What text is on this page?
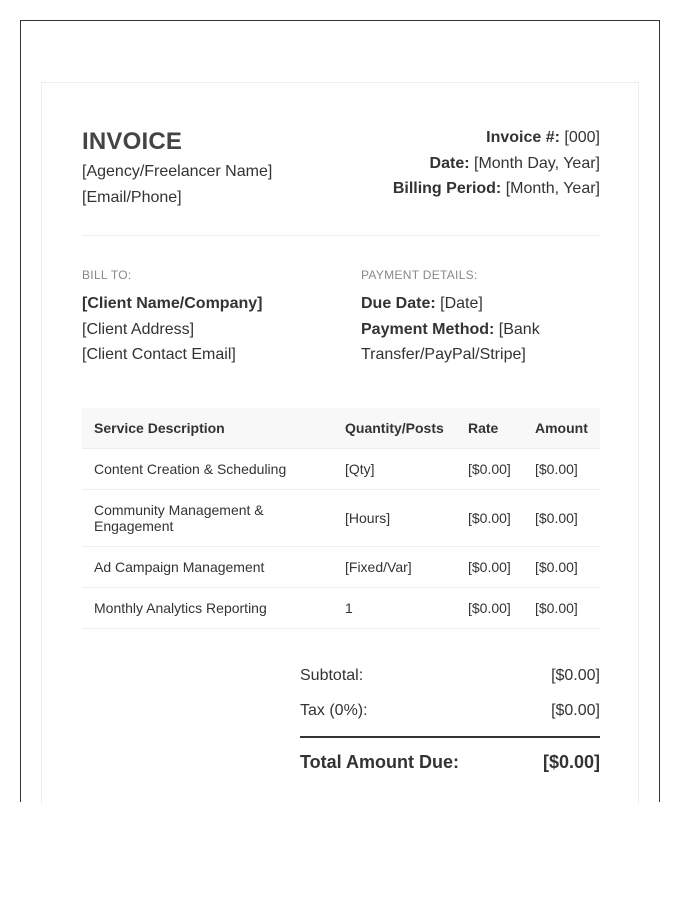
INVOICE
[Agency/Freelancer Name]
[Email/Phone]
Invoice #: [000]
Date: [Month Day, Year]
Billing Period: [Month, Year]
BILL TO:
[Client Name/Company]
[Client Address]
[Client Contact Email]
PAYMENT DETAILS:
Due Date: [Date]
Payment Method: [Bank Transfer/PayPal/Stripe]
Service Description	Quantity/Posts	Rate	Amount
Content Creation & Scheduling	[Qty]	[$0.00]	[$0.00]
Community Management & Engagement	[Hours]	[$0.00]	[$0.00]
Ad Campaign Management	[Fixed/Var]	[$0.00]	[$0.00]
Monthly Analytics Reporting	1	[$0.00]	[$0.00]
Subtotal:	[$0.00]
Tax (0%):	[$0.00]
Total Amount Due:	[$0.00]
